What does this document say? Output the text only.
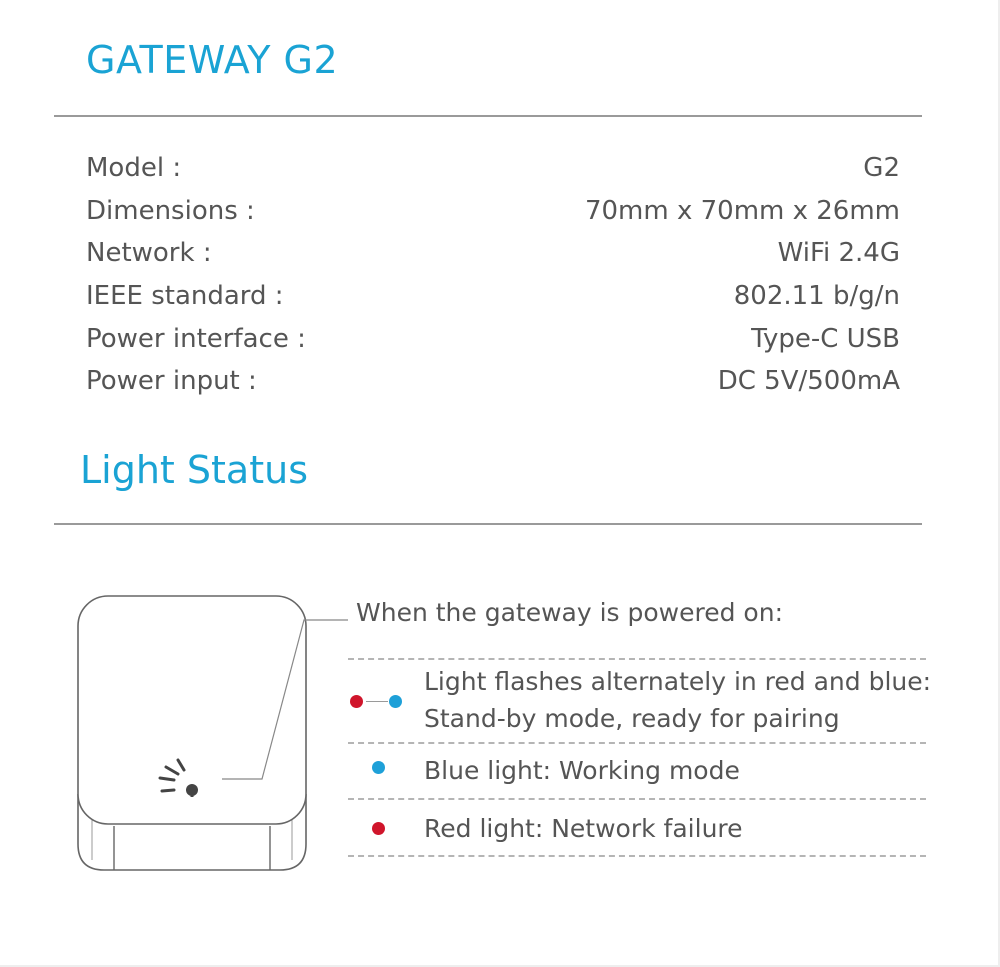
GATEWAY G2
Model :	G2
Dimensions :	70mm x 70mm x 26mm
Network :	WiFi 2.4G
IEEE standard :	802.11 b/g/n
Power interface :	Type-C USB
Power input :	DC 5V/500mA
Light Status
When the gateway is powered on:
Light flashes alternately in red and blue:
Stand-by mode, ready for pairing
Blue light: Working mode
Red light: Network failure
